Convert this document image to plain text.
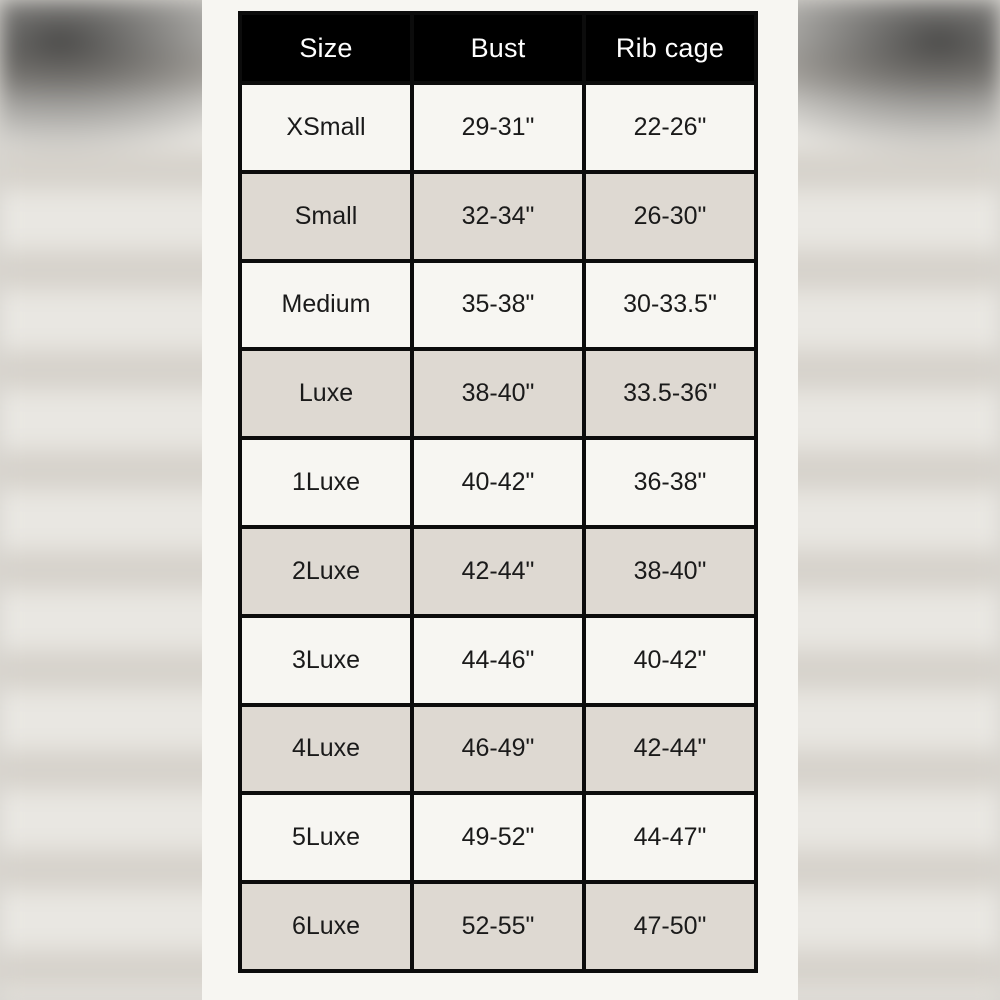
Size	Bust	Rib cage
XSmall	29-31"	22-26"
Small	32-34"	26-30"
Medium	35-38"	30-33.5"
Luxe	38-40"	33.5-36"
1Luxe	40-42"	36-38"
2Luxe	42-44"	38-40"
3Luxe	44-46"	40-42"
4Luxe	46-49"	42-44"
5Luxe	49-52"	44-47"
6Luxe	52-55"	47-50"
